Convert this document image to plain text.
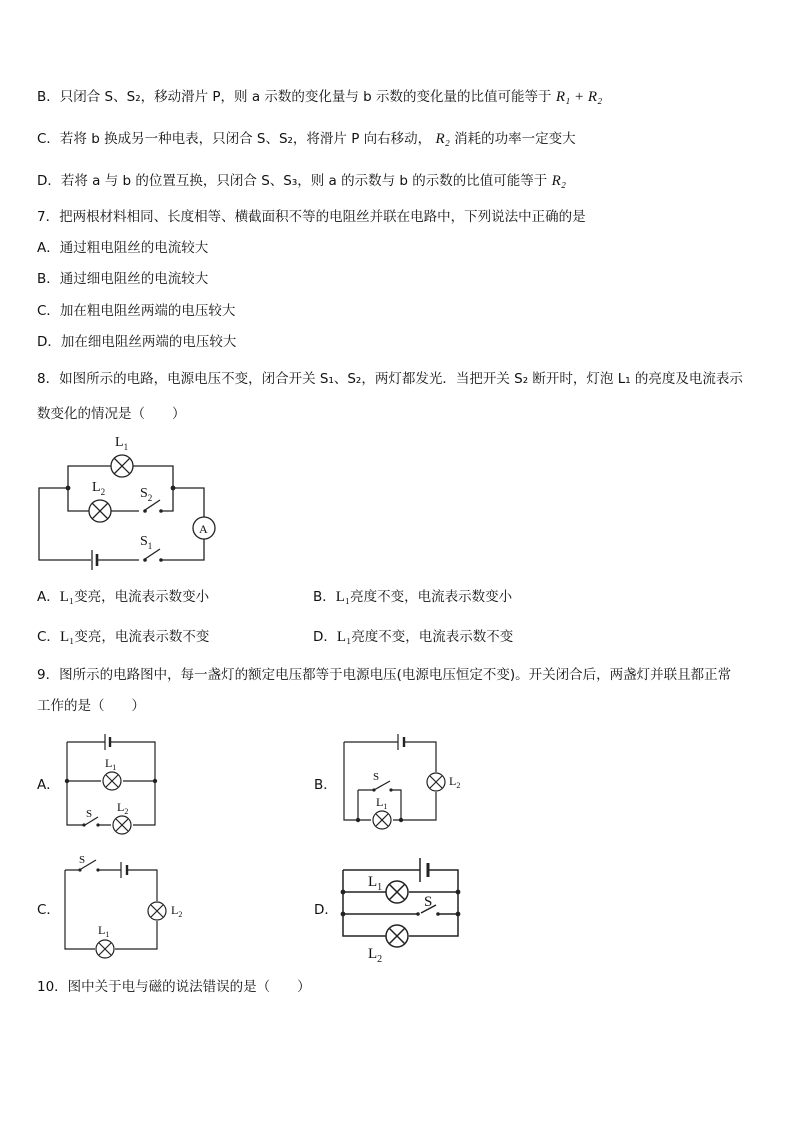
B．只闭合 S、S₂，移动滑片 P，则 a 示数的变化量与 b 示数的变化量的比值可能等于 R₁ + R₂
C．若将 b 换成另一种电表，只闭合 S、S₂，将滑片 P 向右移动， R₂ 消耗的功率一定变大
D．若将 a 与 b 的位置互换，只闭合 S、S₃，则 a 的示数与 b 的示数的比值可能等于 R₂
7．把两根材料相同、长度相等、横截面积不等的电阻丝并联在电路中，下列说法中正确的是
A．通过粗电阻丝的电流较大
B．通过细电阻丝的电流较大
C．加在粗电阻丝两端的电压较大
D．加在细电阻丝两端的电压较大
8．如图所示的电路，电源电压不变，闭合开关 S₁、S₂，两灯都发光．当把开关 S₂ 断开时，灯泡 L₁ 的亮度及电流表示
数变化的情况是（　　）
$L_1$
$L_2$ $S_2$
$S_1$
A
A．L₁变亮，电流表示数变小	B．L₁亮度不变，电流表示数变小
C．L₁变亮，电流表示数不变	D．L₁亮度不变，电流表示数不变
9．图所示的电路图中，每一盏灯的额定电压都等于电源电压(电源电压恒定不变)。开关闭合后，两盏灯并联且都正常
工作的是（　　）
A．	B．
C．	D．
$L_1$
$L_2$
S
S
$L_1$
$L_2$
S
$L_2$
$L_1$
$L_1$
S
$L_2$
10．图中关于电与磁的说法错误的是（　　）
